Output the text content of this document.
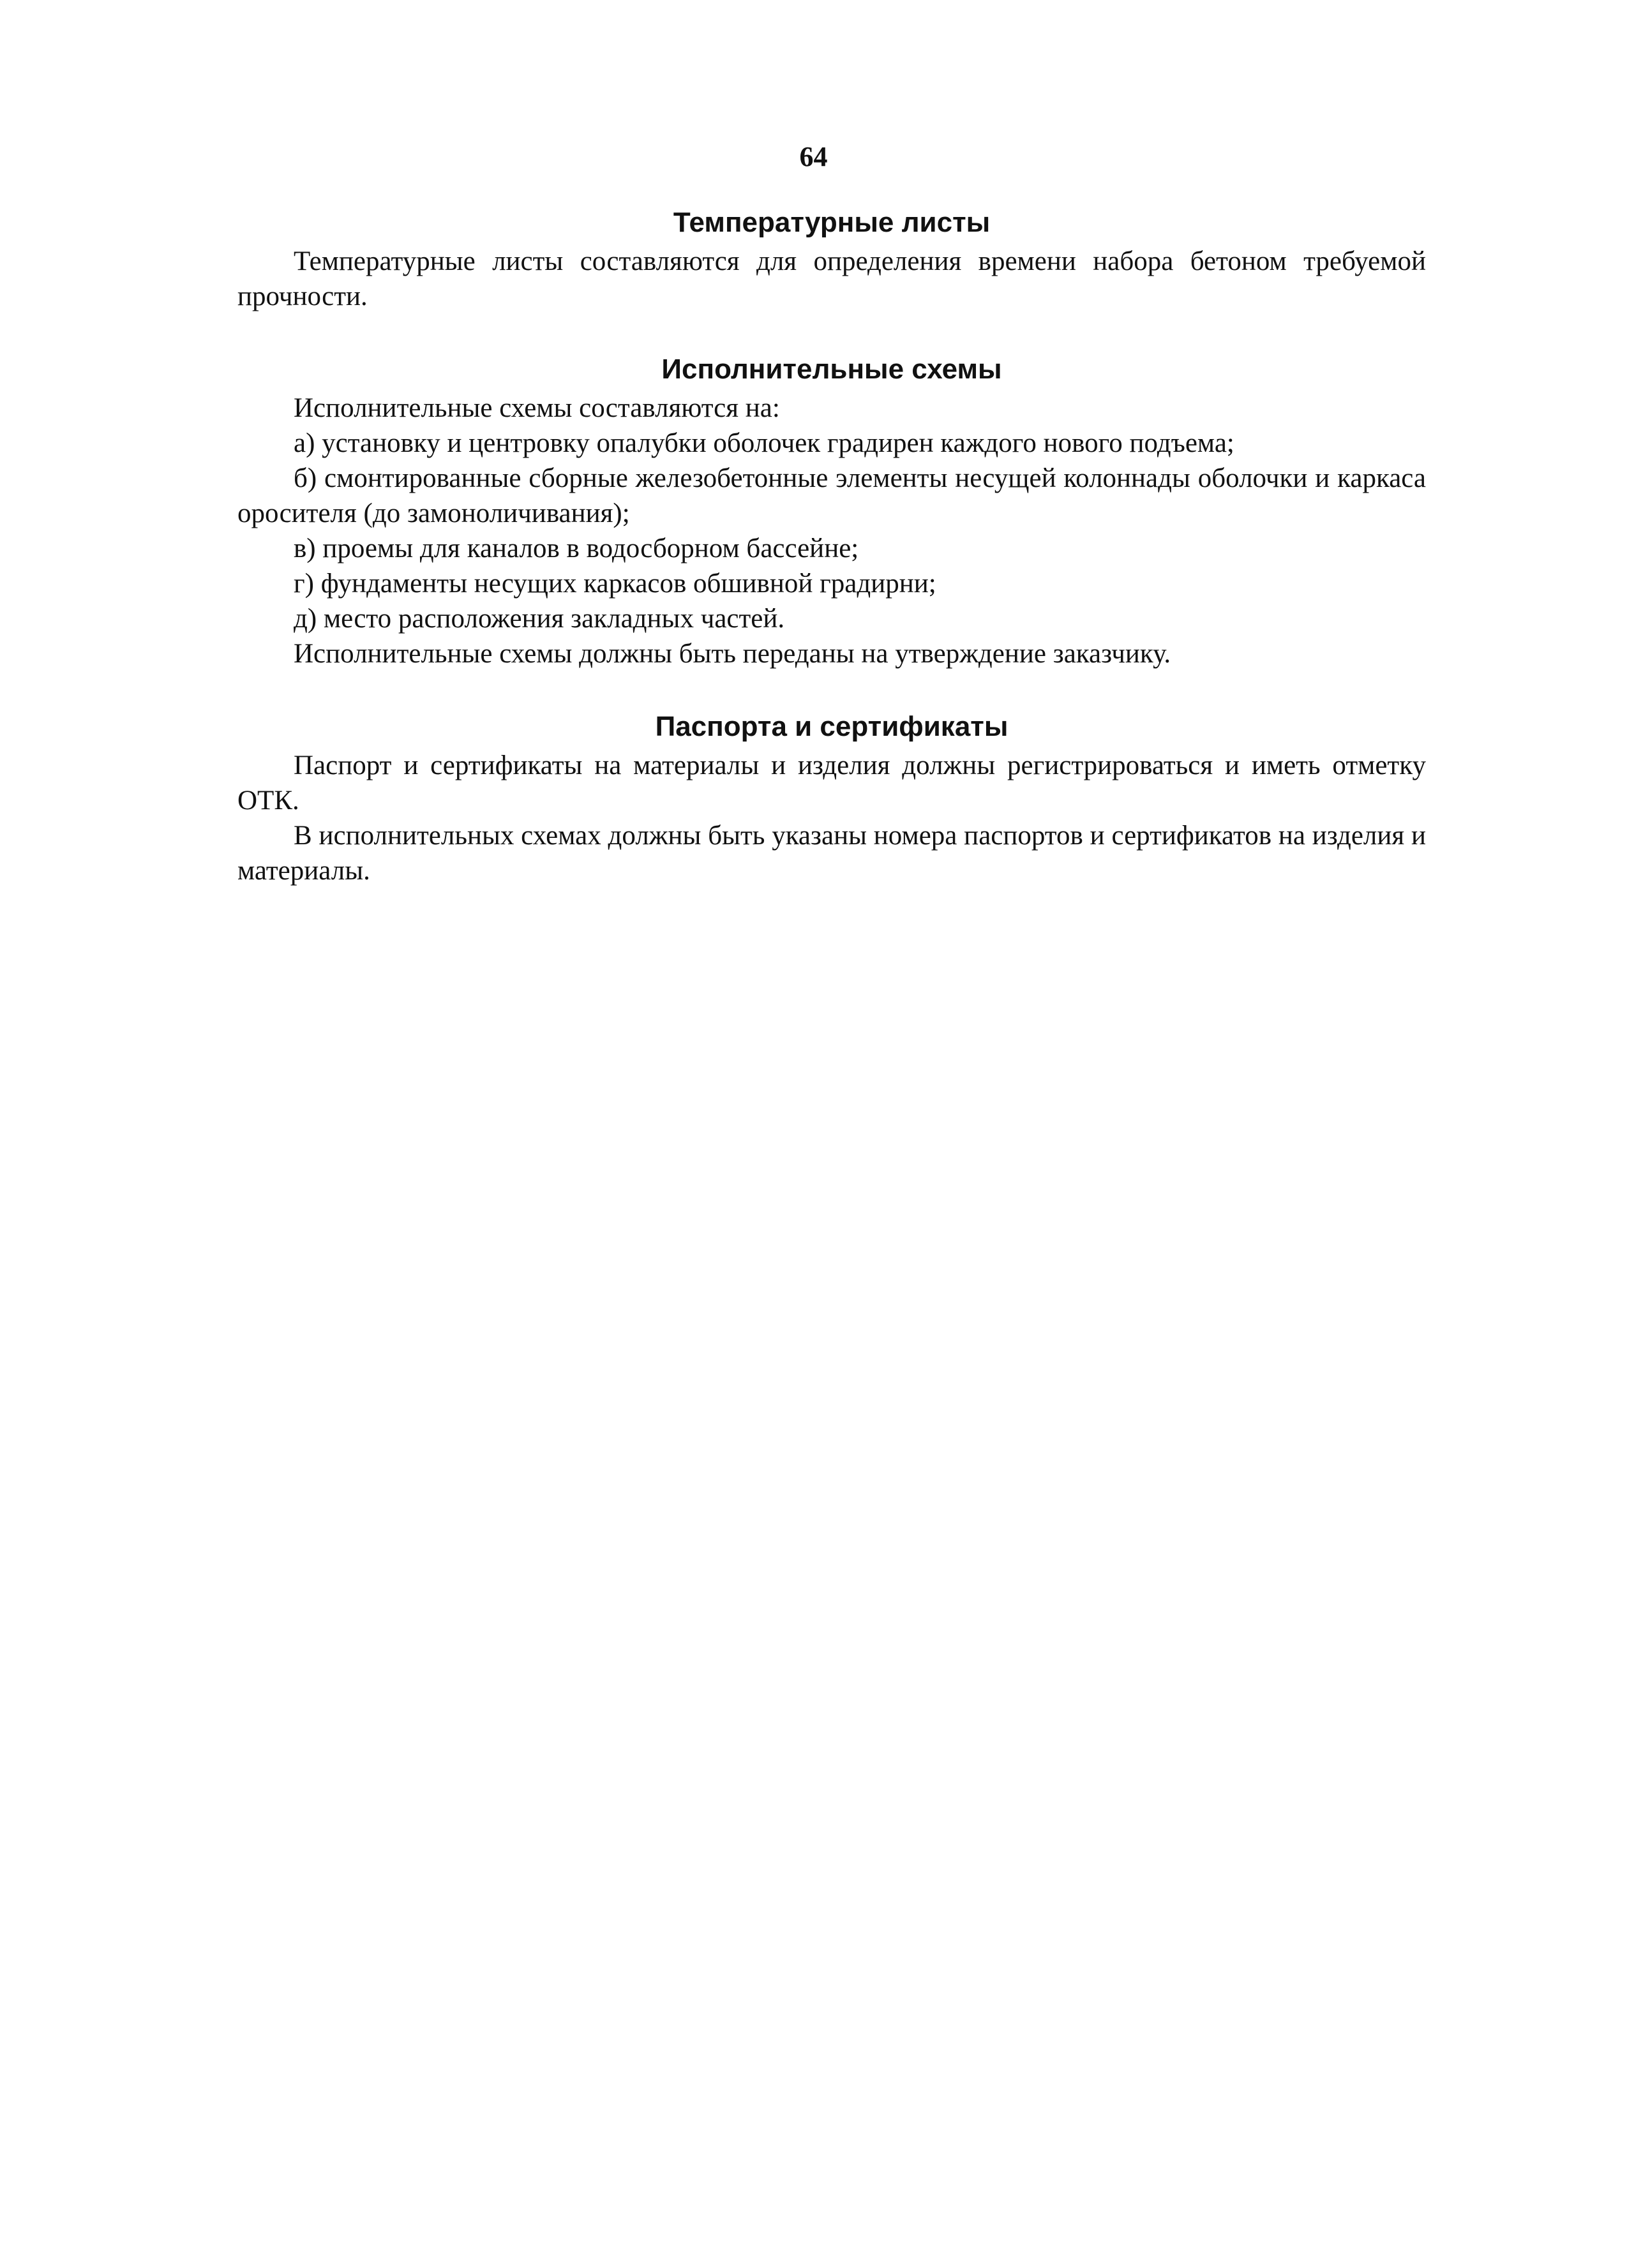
64
Температурные листы

Температурные листы составляются для определения времени набора бетоном требуемой прочности.

Исполнительные схемы

Исполнительные схемы составляются на:

а) установку и центровку опалубки оболочек градирен каждого нового подъема;

б) смонтированные сборные железобетонные элементы несущей колоннады оболочки и каркаса оросителя (до замоноличивания);

в) проемы для каналов в водосборном бассейне;

г) фундаменты несущих каркасов обшивной градирни;

д) место расположения закладных частей.

Исполнительные схемы должны быть переданы на утверждение заказчику.

Паспорта и сертификаты

Паспорт и сертификаты на материалы и изделия должны регистрироваться и иметь отметку ОТК.

В исполнительных схемах должны быть указаны номера паспортов и сертификатов на изделия и материалы.
